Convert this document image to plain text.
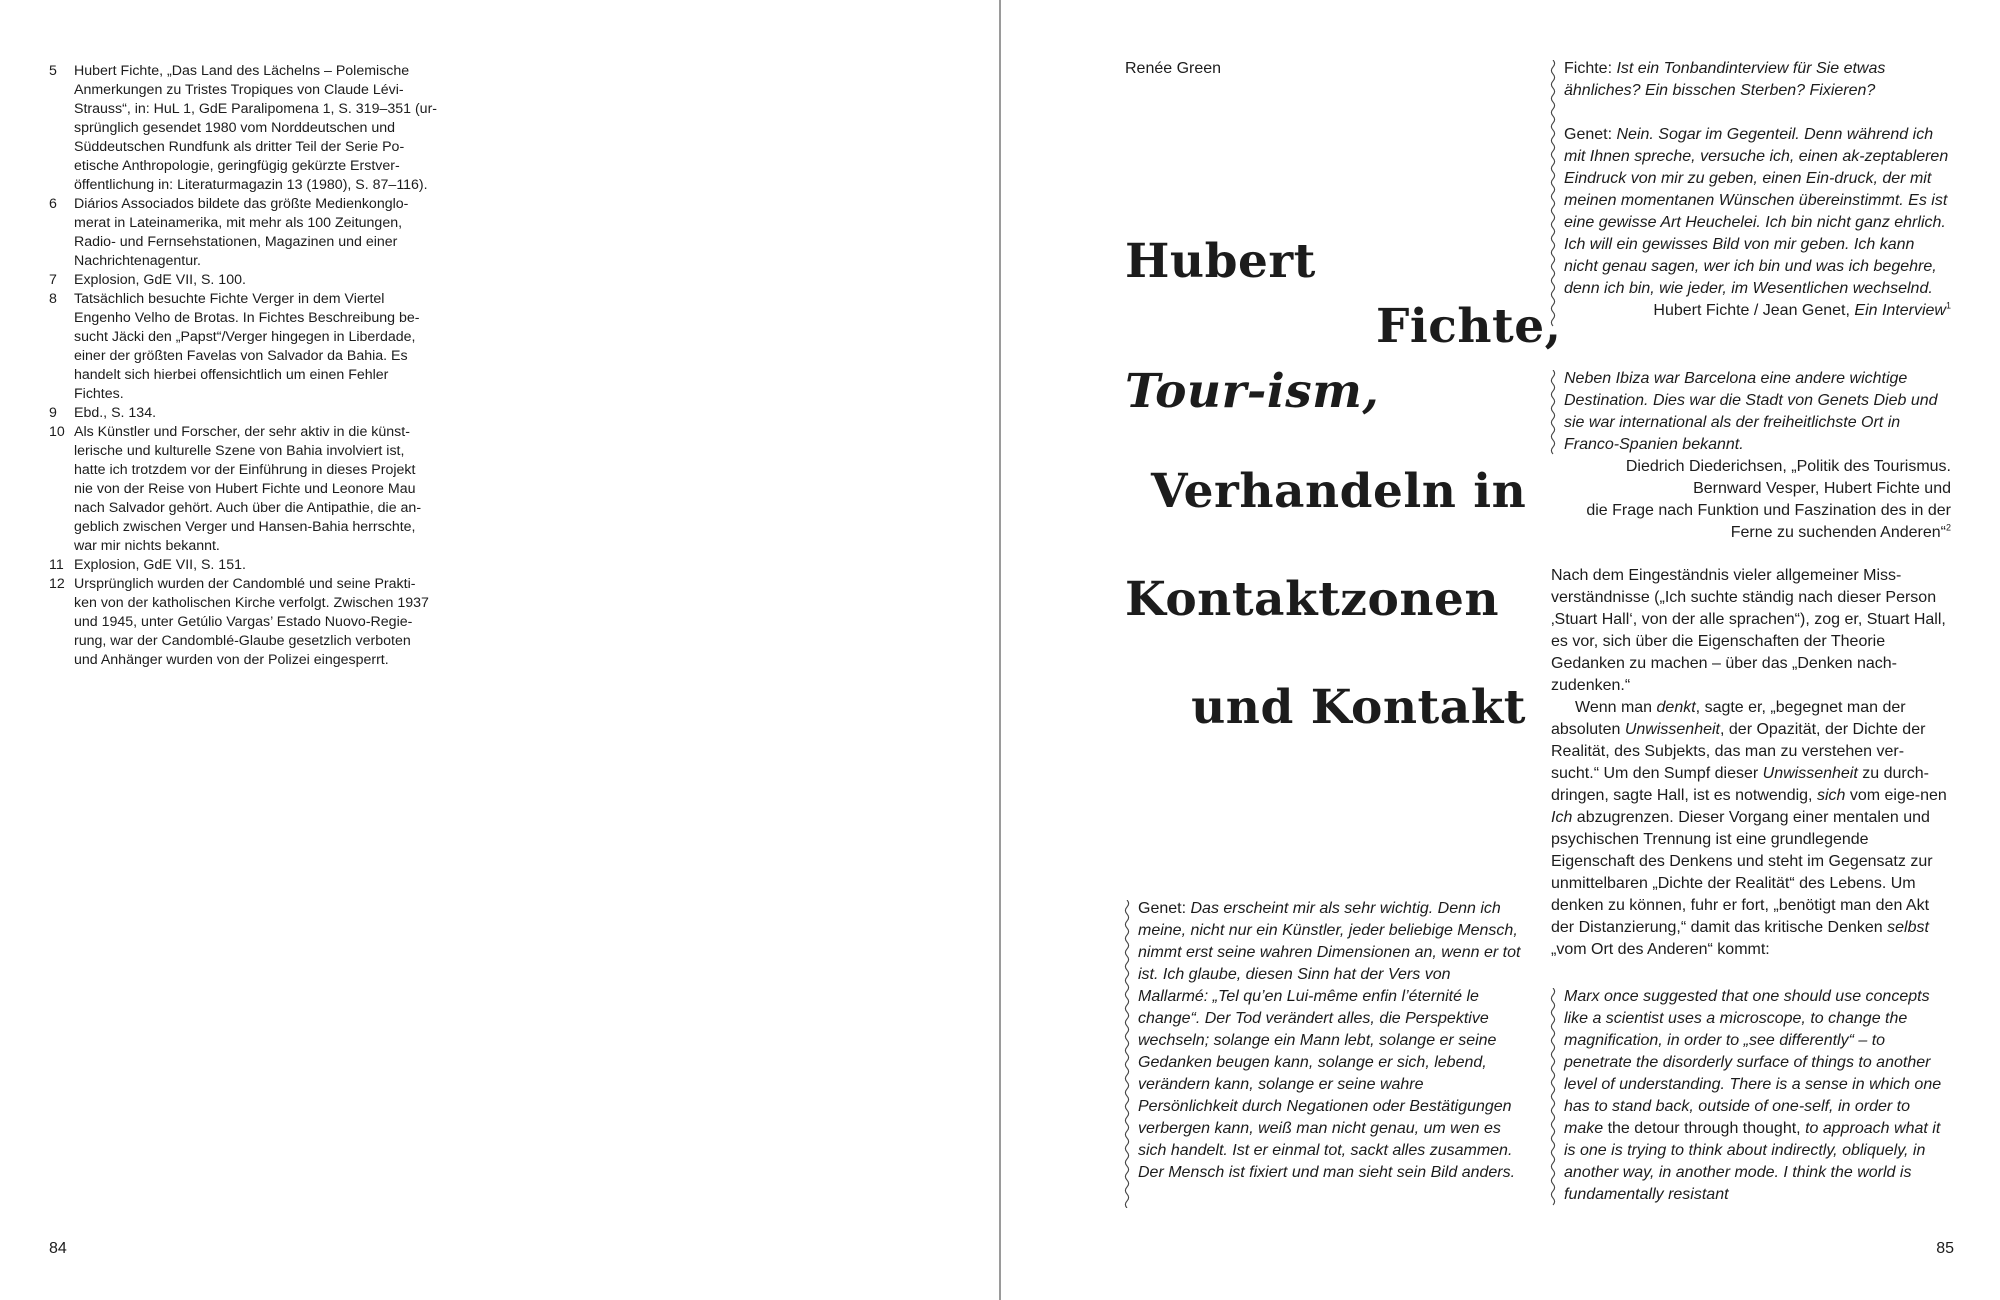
5 Hubert Fichte, „Das Land des Lächelns – Polemische
Anmerkungen zu Tristes Tropiques von Claude Lévi-
Strauss“, in: HuL 1, GdE Paralipomena 1, S. 319–351 (ur-
sprünglich gesendet 1980 vom Norddeutschen und
Süddeutschen Rundfunk als dritter Teil der Serie Po-
etische Anthropologie, geringfügig gekürzte Erstver-
öffentlichung in: Literaturmagazin 13 (1980), S. 87–116).
6 Diários Associados bildete das größte Medienkonglo-
merat in Lateinamerika, mit mehr als 100 Zeitungen,
Radio- und Fernsehstationen, Magazinen und einer
Nachrichtenagentur.
7 Explosion, GdE VII, S. 100.
8 Tatsächlich besuchte Fichte Verger in dem Viertel
Engenho Velho de Brotas. In Fichtes Beschreibung be-
sucht Jäcki den „Papst“/Verger hingegen in Liberdade,
einer der größten Favelas von Salvador da Bahia. Es
handelt sich hierbei offensichtlich um einen Fehler
Fichtes.
9 Ebd., S. 134.
10 Als Künstler und Forscher, der sehr aktiv in die künst-
lerische und kulturelle Szene von Bahia involviert ist,
hatte ich trotzdem vor der Einführung in dieses Projekt
nie von der Reise von Hubert Fichte und Leonore Mau
nach Salvador gehört. Auch über die Antipathie, die an-
geblich zwischen Verger und Hansen-Bahia herrschte,
war mir nichts bekannt.
11 Explosion, GdE VII, S. 151.
12 Ursprünglich wurden der Candomblé und seine Prakti-
ken von der katholischen Kirche verfolgt. Zwischen 1937
und 1945, unter Getúlio Vargas’ Estado Nuovo-Regie-
rung, war der Candomblé-Glaube gesetzlich verboten
und Anhänger wurden von der Polizei eingesperrt.
84
Renée Green
Hubert
Fichte,
Tour-ism,
Verhandeln in
Kontaktzonen
und Kontakt
Fichte: Ist ein Tonbandinterview für Sie etwas ähnliches? Ein bisschen Sterben? Fixieren?
Genet: Nein. Sogar im Gegenteil. Denn während ich mit Ihnen spreche, versuche ich, einen ak-zeptableren Eindruck von mir zu geben, einen Ein-druck, der mit meinen momentanen Wünschen übereinstimmt. Es ist eine gewisse Art Heuchelei. Ich bin nicht ganz ehrlich. Ich will ein gewisses Bild von mir geben. Ich kann nicht genau sagen, wer ich bin und was ich begehre, denn ich bin, wie jeder, im Wesentlichen wechselnd.
Hubert Fichte / Jean Genet, Ein Interview$^1$
Neben Ibiza war Barcelona eine andere wichtige Destination. Dies war die Stadt von Genets Dieb und sie war international als der freiheitlichste Ort in Franco-Spanien bekannt.
Diedrich Diederichsen, „Politik des Tourismus.
Bernward Vesper, Hubert Fichte und
die Frage nach Funktion und Faszination des in der
Ferne zu suchenden Anderen“$^2$

Nach dem Eingeständnis vieler allgemeiner Miss-verständnisse („Ich suchte ständig nach dieser Person ‚Stuart Hall‘, von der alle sprachen“), zog er, Stuart Hall, es vor, sich über die Eigenschaften der Theorie Gedanken zu machen – über das „Denken nach-zudenken.“

Wenn man denkt, sagte er, „begegnet man der absoluten Unwissenheit, der Opazität, der Dichte der Realität, des Subjekts, das man zu verstehen ver-sucht.“ Um den Sumpf dieser Unwissenheit zu durch-dringen, sagte Hall, ist es notwendig, sich vom eige-nen Ich abzugrenzen. Dieser Vorgang einer mentalen und psychischen Trennung ist eine grundlegende Eigenschaft des Denkens und steht im Gegensatz zur unmittelbaren „Dichte der Realität“ des Lebens. Um denken zu können, fuhr er fort, „benötigt man den Akt der Distanzierung,“ damit das kritische Denken selbst „vom Ort des Anderen“ kommt:

Marx once suggested that one should use concepts like a scientist uses a microscope, to change the magnification, in order to „see differently“ – to penetrate the disorderly surface of things to another level of understanding. There is a sense in which one has to stand back, outside of one-self, in order to make the detour through thought, to approach what it is one is trying to think about indirectly, obliquely, in another way, in another mode. I think the world is fundamentally resistant
Genet: Das erscheint mir als sehr wichtig. Denn ich meine, nicht nur ein Künstler, jeder beliebige Mensch, nimmt erst seine wahren Dimensionen an, wenn er tot ist. Ich glaube, diesen Sinn hat der Vers von Mallarmé: „Tel qu’en Lui-même enfin l’éternité le change“. Der Tod verändert alles, die Perspektive wechseln; solange ein Mann lebt, solange er seine Gedanken beugen kann, solange er sich, lebend, verändern kann, solange er seine wahre Persönlichkeit durch Negationen oder Bestätigungen verbergen kann, weiß man nicht genau, um wen es sich handelt. Ist er einmal tot, sackt alles zusammen. Der Mensch ist fixiert und man sieht sein Bild anders.
85
